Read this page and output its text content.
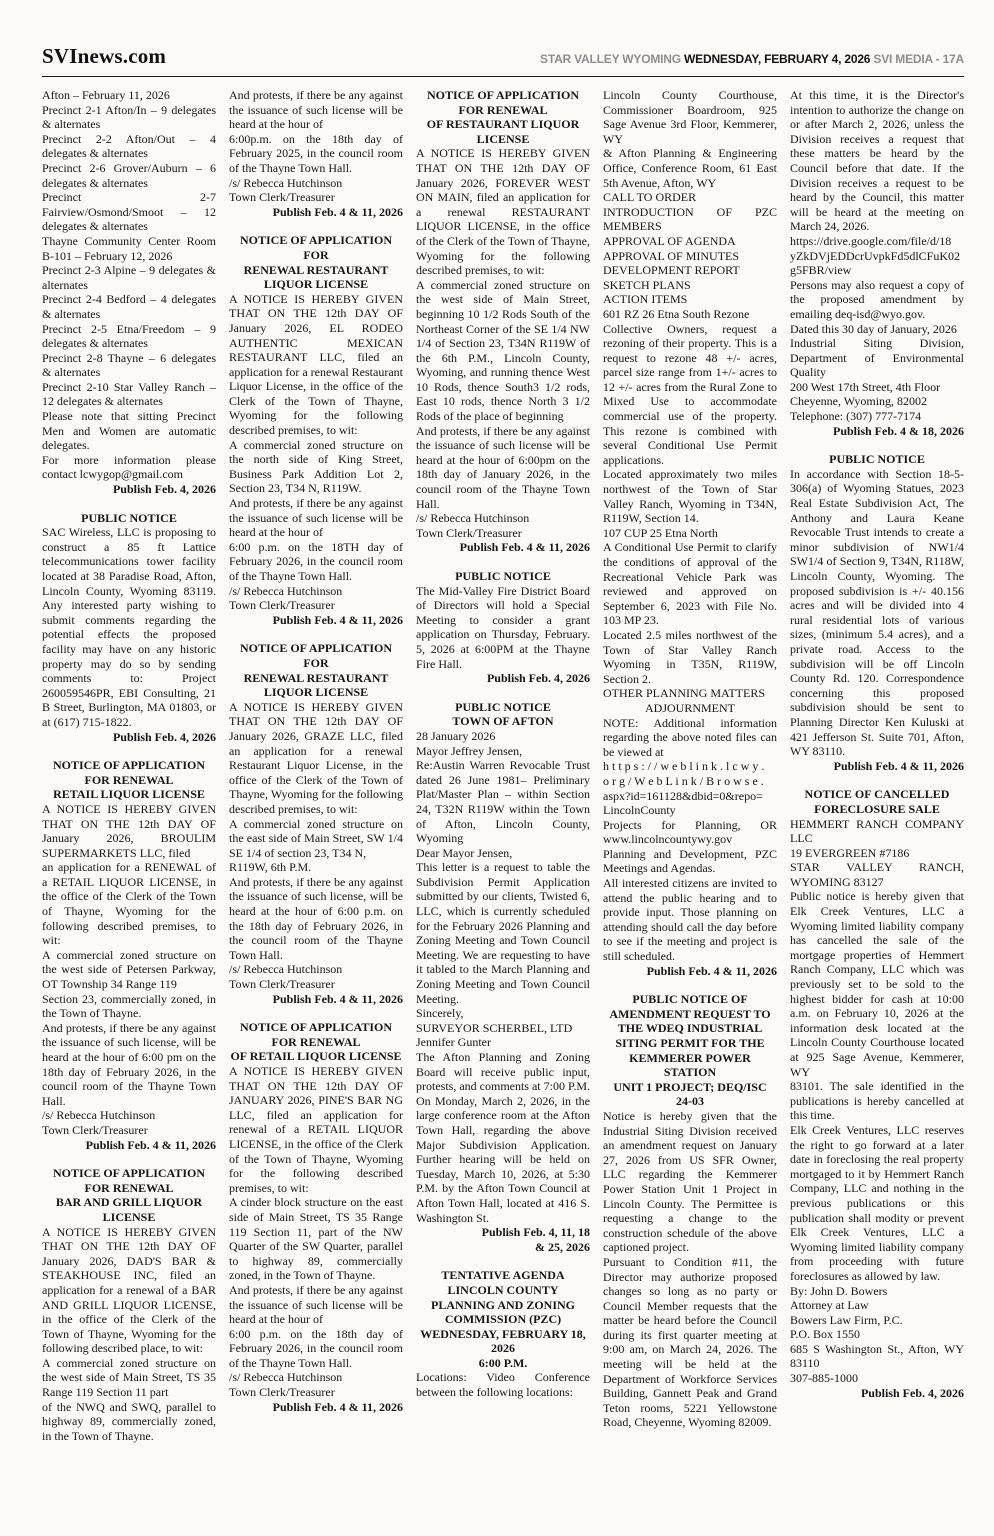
SVInews.com	STAR VALLEY WYOMING WEDNESDAY, FEBRUARY 4, 2026 SVI MEDIA - 17A
Afton – February 11, 2026
Precinct 2-1 Afton/In – 9 delegates & alternates
Precinct 2-2 Afton/Out – 4 delegates & alternates
Precinct 2-6 Grover/Auburn – 6 delegates & alternates
Precinct 2-7 Fairview/Osmond/Smoot – 12 delegates & alternates
Thayne Community Center Room B-101 – February 12, 2026
Precinct 2-3 Alpine – 9 delegates & alternates
Precinct 2-4 Bedford – 4 delegates & alternates
Precinct 2-5 Etna/Freedom – 9 delegates & alternates
Precinct 2-8 Thayne – 6 delegates & alternates
Precinct 2-10 Star Valley Ranch – 12 delegates & alternates
Please note that sitting Precinct Men and Women are automatic delegates.
For more information please contact lcwygop@gmail.com
Publish Feb. 4, 2026
PUBLIC NOTICE
SAC Wireless, LLC is proposing to construct a 85 ft Lattice telecommunications tower facility located at 38 Paradise Road, Afton, Lincoln County, Wyoming 83119. Any interested party wishing to submit comments regarding the potential effects the proposed facility may have on any historic property may do so by sending comments to: Project 260059546PR, EBI Consulting, 21 B Street, Burlington, MA 01803, or at (617) 715-1822.
Publish Feb. 4, 2026
NOTICE OF APPLICATION
FOR RENEWAL
RETAIL LIQUOR LICENSE
A NOTICE IS HEREBY GIVEN THAT ON THE 12th DAY OF January 2026, BROULIM SUPERMARKETS LLC, filed
an application for a RENEWAL of a RETAIL LIQUOR LICENSE, in the office of the Clerk of the Town of Thayne, Wyoming for the following described premises, to wit:
A commercial zoned structure on the west side of Petersen Parkway, OT Township 34 Range 119
Section 23, commercially zoned, in the Town of Thayne.
And protests, if there be any against the issuance of such license, will be heard at the hour of 6:00 pm on the 18th day of February 2026, in the council room of the Thayne Town Hall.
/s/ Rebecca Hutchinson
Town Clerk/Treasurer
Publish Feb. 4 & 11, 2026
NOTICE OF APPLICATION
FOR RENEWAL
BAR AND GRILL LIQUOR
LICENSE
A NOTICE IS HEREBY GIVEN THAT ON THE 12th DAY OF January 2026, DAD'S BAR & STEAKHOUSE INC, filed an application for a renewal of a BAR AND GRILL LIQUOR LICENSE, in the office of the Clerk of the Town of Thayne, Wyoming for the following described place, to wit:
A commercial zoned structure on the west side of Main Street, TS 35 Range 119 Section 11 part
of the NWQ and SWQ, parallel to highway 89, commercially zoned, in the Town of Thayne.
And protests, if there be any against the issuance of such license will be heard at the hour of
6:00p.m. on the 18th day of February 2025, in the council room of the Thayne Town Hall.
/s/ Rebecca Hutchinson
Town Clerk/Treasurer
Publish Feb. 4 & 11, 2026
NOTICE OF APPLICATION
FOR
RENEWAL RESTAURANT
LIQUOR LICENSE
A NOTICE IS HEREBY GIVEN THAT ON THE 12th DAY OF January 2026, EL RODEO AUTHENTIC MEXICAN RESTAURANT LLC, filed an application for a renewal Restaurant Liquor License, in the office of the Clerk of the Town of Thayne, Wyoming for the following described premises, to wit:
A commercial zoned structure on the north side of King Street, Business Park Addition Lot 2, Section 23, T34 N, R119W.
And protests, if there be any against the issuance of such license will be heard at the hour of
6:00 p.m. on the 18TH day of February 2026, in the council room of the Thayne Town Hall.
/s/ Rebecca Hutchinson
Town Clerk/Treasurer
Publish Feb. 4 & 11, 2026
NOTICE OF APPLICATION
FOR
RENEWAL RESTAURANT
LIQUOR LICENSE
A NOTICE IS HEREBY GIVEN THAT ON THE 12th DAY OF January 2026, GRAZE LLC, filed an application for a renewal Restaurant Liquor License, in the office of the Clerk of the Town of Thayne, Wyoming for the following described premises, to wit:
A commercial zoned structure on the east side of Main Street, SW 1/4 SE 1/4 of section 23, T34 N,
R119W, 6th P.M.
And protests, if there be any against the issuance of such license, will be heard at the hour of 6:00 p.m. on the 18th day of February 2026, in the council room of the Thayne Town Hall.
/s/ Rebecca Hutchinson
Town Clerk/Treasurer
Publish Feb. 4 & 11, 2026
NOTICE OF APPLICATION
FOR RENEWAL
OF RETAIL LIQUOR LICENSE
A NOTICE IS HEREBY GIVEN THAT ON THE 12th DAY OF JANUARY 2026, PINE'S BAR NG LLC, filed an application for renewal of a RETAIL LIQUOR LICENSE, in the office of the Clerk of the Town of Thayne, Wyoming for the following described premises, to wit:
A cinder block structure on the east side of Main Street, TS 35 Range 119 Section 11, part of the NW Quarter of the SW Quarter, parallel to highway 89, commercially zoned, in the Town of Thayne.
And protests, if there be any against the issuance of such license will be heard at the hour of
6:00 p.m. on the 18th day of February 2026, in the council room of the Thayne Town Hall.
/s/ Rebecca Hutchinson
Town Clerk/Treasurer
Publish Feb. 4 & 11, 2026
NOTICE OF APPLICATION
FOR RENEWAL
OF RESTAURANT LIQUOR
LICENSE
A NOTICE IS HEREBY GIVEN THAT ON THE 12th DAY OF January 2026, FOREVER WEST ON MAIN, filed an application for a renewal RESTAURANT LIQUOR LICENSE, in the office of the Clerk of the Town of Thayne, Wyoming for the following described premises, to wit:
A commercial zoned structure on the west side of Main Street, beginning 10 1/2 Rods South of the Northeast Corner of the SE 1/4 NW 1/4 of Section 23, T34N R119W of the 6th P.M., Lincoln County, Wyoming, and running thence West 10 Rods, thence South3 1/2 rods, East 10 rods, thence North 3 1/2 Rods of the place of beginning
And protests, if there be any against the issuance of such license will be heard at the hour of 6:00pm on the 18th day of January 2026, in the council room of the Thayne Town Hall.
/s/ Rebecca Hutchinson
Town Clerk/Treasurer
Publish Feb. 4 & 11, 2026
PUBLIC NOTICE
The Mid-Valley Fire District Board of Directors will hold a Special Meeting to consider a grant application on Thursday, February. 5, 2026 at 6:00PM at the Thayne Fire Hall.
Publish Feb. 4, 2026
PUBLIC NOTICE
TOWN OF AFTON
28 January 2026
Mayor Jeffrey Jensen,
Re:Austin Warren Revocable Trust dated 26 June 1981– Preliminary Plat/Master Plan – within Section 24, T32N R119W within the Town of Afton, Lincoln County, Wyoming
Dear Mayor Jensen,
This letter is a request to table the Subdivision Permit Application submitted by our clients, Twisted 6, LLC, which is currently scheduled for the February 2026 Planning and Zoning Meeting and Town Council Meeting. We are requesting to have it tabled to the March Planning and Zoning Meeting and Town Council Meeting.
Sincerely,
SURVEYOR SCHERBEL, LTD
Jennifer Gunter
The Afton Planning and Zoning Board will receive public input, protests, and comments at 7:00 P.M. On Monday, March 2, 2026, in the large conference room at the Afton Town Hall, regarding the above Major Subdivision Application. Further hearing will be held on Tuesday, March 10, 2026, at 5:30 P.M. by the Afton Town Council at Afton Town Hall, located at 416 S. Washington St.
Publish Feb. 4, 11, 18
& 25, 2026
TENTATIVE AGENDA
LINCOLN COUNTY
PLANNING AND ZONING
COMMISSION (PZC)
WEDNESDAY, FEBRUARY 18,
2026
6:00 P.M.
Locations: Video Conference between the following locations:
Lincoln County Courthouse, Commissioner Boardroom, 925 Sage Avenue 3rd Floor, Kemmerer, WY
& Afton Planning & Engineering Office, Conference Room, 61 East 5th Avenue, Afton, WY
CALL TO ORDER
INTRODUCTION OF PZC MEMBERS
APPROVAL OF AGENDA
APPROVAL OF MINUTES
DEVELOPMENT REPORT
SKETCH PLANS
ACTION ITEMS
601 RZ 26 Etna South Rezone
Collective Owners, request a rezoning of their property. This is a request to rezone 48 +/- acres, parcel size range from 1+/- acres to 12 +/- acres from the Rural Zone to Mixed Use to accommodate commercial use of the property. This rezone is combined with several Conditional Use Permit applications.
Located approximately two miles northwest of the Town of Star Valley Ranch, Wyoming in T34N, R119W, Section 14.
107 CUP 25 Etna North
A Conditional Use Permit to clarify the conditions of approval of the Recreational Vehicle Park was reviewed and approved on September 6, 2023 with File No. 103 MP 23.
Located 2.5 miles northwest of the Town of Star Valley Ranch Wyoming in T35N, R119W, Section 2.
OTHER PLANNING MATTERS
ADJOURNMENT
NOTE: Additional information regarding the above noted files can be viewed at
h t t p s : / / w e b l i n k . l c w y .
o r g / W e b L i n k / B r o w s e .
aspx?id=161128&dbid=0&repo=
LincolnCounty
Projects for Planning, OR www.lincolncountywy.gov Planning and Development, PZC Meetings and Agendas.
All interested citizens are invited to attend the public hearing and to provide input. Those planning on attending should call the day before to see if the meeting and project is still scheduled.
Publish Feb. 4 & 11, 2026
PUBLIC NOTICE OF
AMENDMENT REQUEST TO
THE WDEQ INDUSTRIAL
SITING PERMIT FOR THE
KEMMERER POWER STATION
UNIT 1 PROJECT; DEQ/ISC
24-03
Notice is hereby given that the Industrial Siting Division received an amendment request on January 27, 2026 from US SFR Owner, LLC regarding the Kemmerer Power Station Unit 1 Project in Lincoln County. The Permittee is requesting a change to the construction schedule of the above captioned project.
Pursuant to Condition #11, the Director may authorize proposed changes so long as no party or Council Member requests that the matter be heard before the Council during its first quarter meeting at 9:00 am, on March 24, 2026. The meeting will be held at the Department of Workforce Services Building, Gannett Peak and Grand Teton rooms, 5221 Yellowstone Road, Cheyenne, Wyoming 82009.
At this time, it is the Director's intention to authorize the change on or after March 2, 2026, unless the Division receives a request that these matters be heard by the Council before that date. If the Division receives a request to be heard by the Council, this matter will be heard at the meeting on March 24, 2026.
https://drive.google.com/file/d/18
yZkDVjEDDcrUvpkFd5dlCFuK02
g5FBR/view
Persons may also request a copy of the proposed amendment by emailing deq-isd@wyo.gov.
Dated this 30 day of January, 2026
Industrial Siting Division, Department of Environmental Quality
200 West 17th Street, 4th Floor
Cheyenne, Wyoming, 82002
Telephone: (307) 777-7174
Publish Feb. 4 & 18, 2026
PUBLIC NOTICE
In accordance with Section 18-5-306(a) of Wyoming Statues, 2023 Real Estate Subdivision Act, The Anthony and Laura Keane Revocable Trust intends to create a minor subdivision of NW1/4 SW1/4 of Section 9, T34N, R118W, Lincoln County, Wyoming. The proposed subdivision is +/- 40.156 acres and will be divided into 4 rural residential lots of various sizes, (minimum 5.4 acres), and a private road. Access to the subdivision will be off Lincoln County Rd. 120. Correspondence concerning this proposed subdivision should be sent to Planning Director Ken Kuluski at 421 Jefferson St. Suite 701, Afton, WY 83110.
Publish Feb. 4 & 11, 2026
NOTICE OF CANCELLED
FORECLOSURE SALE
HEMMERT RANCH COMPANY LLC
19 EVERGREEN #7186
STAR VALLEY RANCH, WYOMING 83127
Public notice is hereby given that Elk Creek Ventures, LLC a Wyoming limited liability company has cancelled the sale of the mortgage properties of Hemmert Ranch Company, LLC which was previously set to be sold to the highest bidder for cash at 10:00 a.m. on February 10, 2026 at the information desk located at the Lincoln County Courthouse located at 925 Sage Avenue, Kemmerer, WY
83101. The sale identified in the publications is hereby cancelled at this time.
Elk Creek Ventures, LLC reserves the right to go forward at a later date in foreclosing the real property mortgaged to it by Hemmert Ranch Company, LLC and nothing in the previous publications or this publication shall modity or prevent Elk Creek Ventures, LLC a Wyoming limited liability company from proceeding with future foreclosures as allowed by law.
By: John D. Bowers
Attorney at Law
Bowers Law Firm, P.C.
P.O. Box 1550
685 S Washington St., Afton, WY 83110
307-885-1000
Publish Feb. 4, 2026
